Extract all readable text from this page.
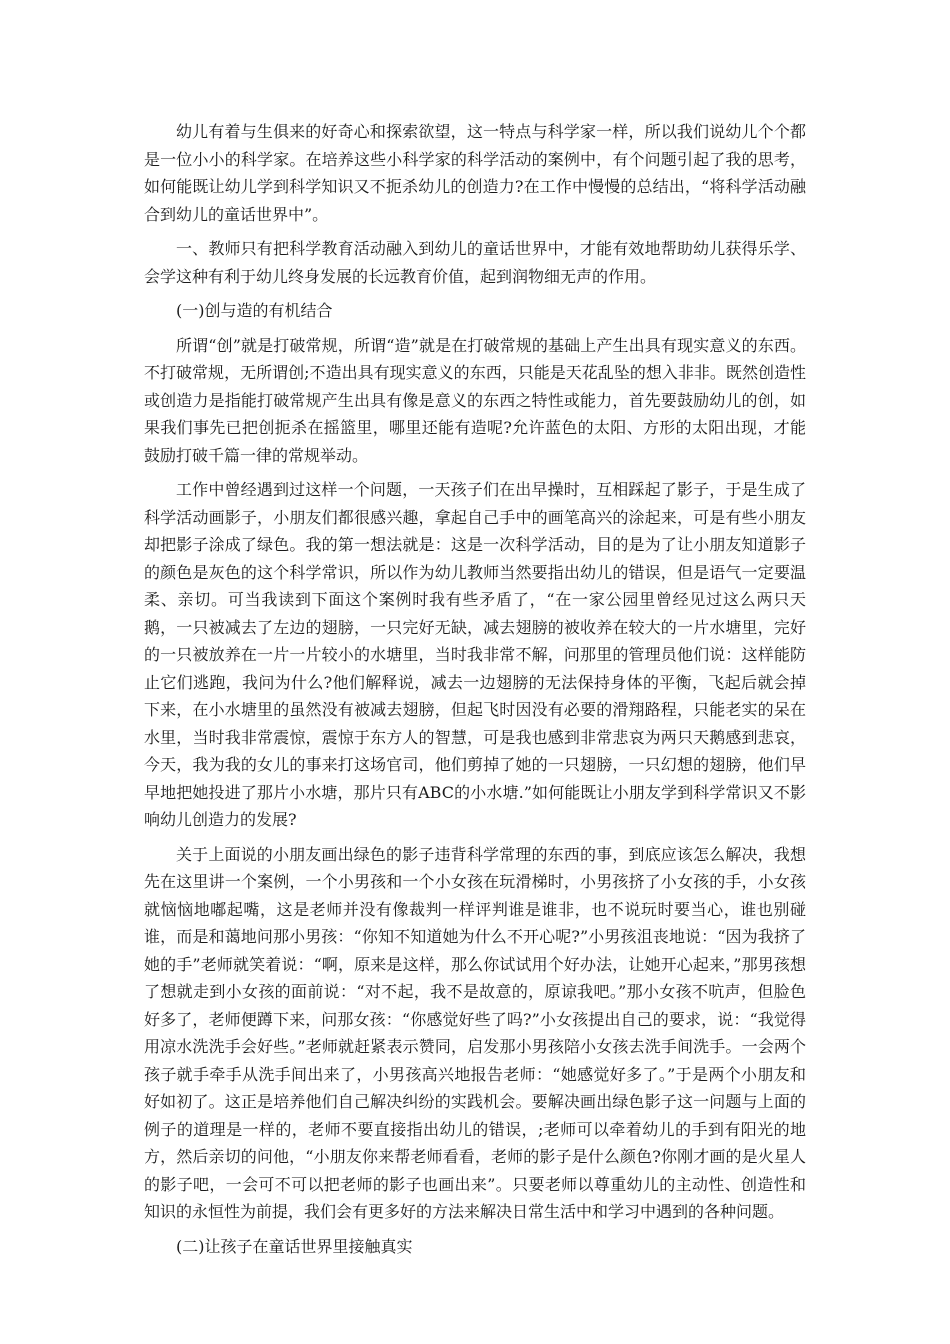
幼儿有着与生俱来的好奇心和探索欲望，这一特点与科学家一样，所以我们说幼儿个个都是一位小小的科学家。在培养这些小科学家的科学活动的案例中，有个问题引起了我的思考，如何能既让幼儿学到科学知识又不扼杀幼儿的创造力?在工作中慢慢的总结出，“将科学活动融合到幼儿的童话世界中”。

一、教师只有把科学教育活动融入到幼儿的童话世界中，才能有效地帮助幼儿获得乐学、会学这种有利于幼儿终身发展的长远教育价值，起到润物细无声的作用。

(一)创与造的有机结合

所谓“创”就是打破常规，所谓“造”就是在打破常规的基础上产生出具有现实意义的东西。不打破常规，无所谓创;不造出具有现实意义的东西，只能是天花乱坠的想入非非。既然创造性或创造力是指能打破常规产生出具有像是意义的东西之特性或能力，首先要鼓励幼儿的创，如果我们事先已把创扼杀在摇篮里，哪里还能有造呢?允许蓝色的太阳、方形的太阳出现，才能鼓励打破千篇一律的常规举动。

工作中曾经遇到过这样一个问题，一天孩子们在出早操时，互相踩起了影子，于是生成了科学活动画影子，小朋友们都很感兴趣，拿起自己手中的画笔高兴的涂起来，可是有些小朋友却把影子涂成了绿色。我的第一想法就是：这是一次科学活动，目的是为了让小朋友知道影子的颜色是灰色的这个科学常识，所以作为幼儿教师当然要指出幼儿的错误，但是语气一定要温柔、亲切。可当我读到下面这个案例时我有些矛盾了，“在一家公园里曾经见过这么两只天鹅，一只被减去了左边的翅膀，一只完好无缺，减去翅膀的被收养在较大的一片水塘里，完好的一只被放养在一片一片较小的水塘里，当时我非常不解，问那里的管理员他们说：这样能防止它们逃跑，我问为什么?他们解释说，减去一边翅膀的无法保持身体的平衡，飞起后就会掉下来，在小水塘里的虽然没有被减去翅膀，但起飞时因没有必要的滑翔路程，只能老实的呆在水里，当时我非常震惊，震惊于东方人的智慧，可是我也感到非常悲哀为两只天鹅感到悲哀，今天，我为我的女儿的事来打这场官司，他们剪掉了她的一只翅膀，一只幻想的翅膀，他们早早地把她投进了那片小水塘，那片只有ABC的小水塘.”如何能既让小朋友学到科学常识又不影响幼儿创造力的发展?

关于上面说的小朋友画出绿色的影子违背科学常理的东西的事，到底应该怎么解决，我想先在这里讲一个案例，一个小男孩和一个小女孩在玩滑梯时，小男孩挤了小女孩的手，小女孩就恼恼地嘟起嘴，这是老师并没有像裁判一样评判谁是谁非，也不说玩时要当心，谁也别碰谁，而是和蔼地问那小男孩：“你知不知道她为什么不开心呢?”小男孩沮丧地说：“因为我挤了她的手”老师就笑着说：“啊，原来是这样，那么你试试用个好办法，让她开心起来，”那男孩想了想就走到小女孩的面前说：“对不起，我不是故意的，原谅我吧。”那小女孩不吭声，但脸色好多了，老师便蹲下来，问那女孩：“你感觉好些了吗?”小女孩提出自己的要求，说：“我觉得用凉水洗洗手会好些。”老师就赶紧表示赞同，启发那小男孩陪小女孩去洗手间洗手。一会两个孩子就手牵手从洗手间出来了，小男孩高兴地报告老师：“她感觉好多了。”于是两个小朋友和好如初了。这正是培养他们自己解决纠纷的实践机会。要解决画出绿色影子这一问题与上面的例子的道理是一样的，老师不要直接指出幼儿的错误，;老师可以牵着幼儿的手到有阳光的地方，然后亲切的问他，“小朋友你来帮老师看看，老师的影子是什么颜色?你刚才画的是火星人的影子吧，一会可不可以把老师的影子也画出来”。只要老师以尊重幼儿的主动性、创造性和知识的永恒性为前提，我们会有更多好的方法来解决日常生活中和学习中遇到的各种问题。

(二)让孩子在童话世界里接触真实
